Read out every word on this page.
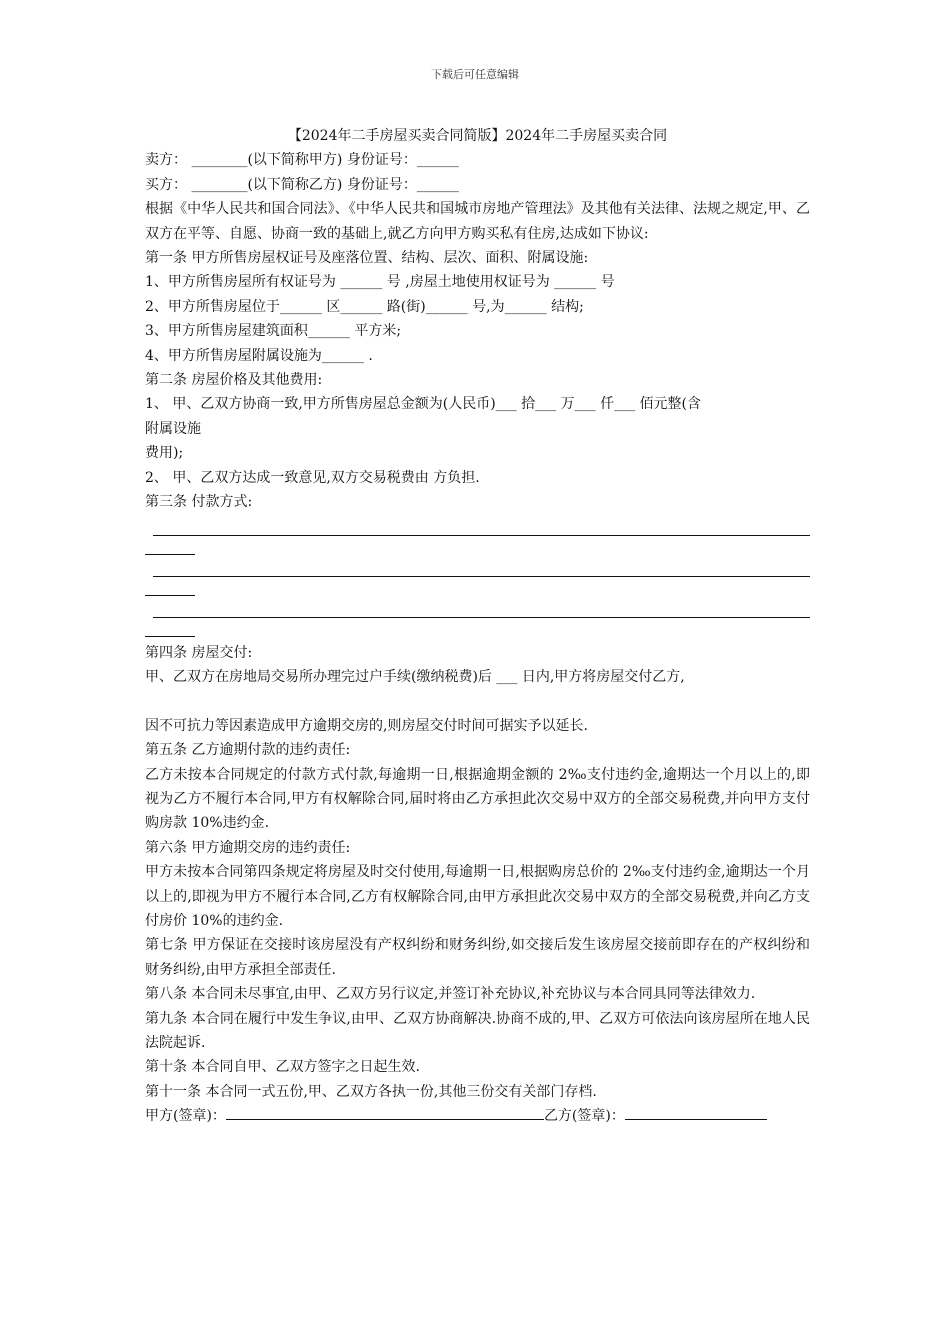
下载后可任意编辑

【2024年二手房屋买卖合同简版】2024年二手房屋买卖合同

卖方： ________(以下简称甲方) 身份证号：______

买方： ________(以下简称乙方) 身份证号：______

根据《中华人民共和国合同法》、《中华人民共和国城市房地产管理法》及其他有关法律、法规之规定,甲、乙双方在平等、自愿、协商一致的基础上,就乙方向甲方购买私有住房,达成如下协议:

第一条 甲方所售房屋权证号及座落位置、结构、层次、面积、附属设施:

1、甲方所售房屋所有权证号为 ______ 号 ,房屋土地使用权证号为 ______ 号

2、甲方所售房屋位于______ 区______ 路(街)______ 号,为______ 结构;

3、甲方所售房屋建筑面积______ 平方米;

4、甲方所售房屋附属设施为______ .

第二条 房屋价格及其他费用:

1、 甲、乙双方协商一致,甲方所售房屋总金额为(人民币)___ 拾___ 万___ 仟___ 佰元整(含

附属设施

费用);

2、 甲、乙双方达成一致意见,双方交易税费由 方负担.

第三条 付款方式:

第四条 房屋交付:

甲、乙双方在房地局交易所办理完过户手续(缴纳税费)后 ___ 日内,甲方将房屋交付乙方,

因不可抗力等因素造成甲方逾期交房的,则房屋交付时间可据实予以延长.

第五条 乙方逾期付款的违约责任:

乙方未按本合同规定的付款方式付款,每逾期一日,根据逾期金额的 2‰支付违约金,逾期达一个月以上的,即视为乙方不履行本合同,甲方有权解除合同,届时将由乙方承担此次交易中双方的全部交易税费,并向甲方支付购房款 10%违约金.

第六条 甲方逾期交房的违约责任:

甲方未按本合同第四条规定将房屋及时交付使用,每逾期一日,根据购房总价的 2‰支付违约金,逾期达一个月以上的,即视为甲方不履行本合同,乙方有权解除合同,由甲方承担此次交易中双方的全部交易税费,并向乙方支付房价 10%的违约金.

第七条 甲方保证在交接时该房屋没有产权纠纷和财务纠纷,如交接后发生该房屋交接前即存在的产权纠纷和财务纠纷,由甲方承担全部责任.

第八条 本合同未尽事宜,由甲、乙双方另行议定,并签订补充协议,补充协议与本合同具同等法律效力.

第九条 本合同在履行中发生争议,由甲、乙双方协商解决.协商不成的,甲、乙双方可依法向该房屋所在地人民法院起诉.

第十条 本合同自甲、乙双方签字之日起生效.

第十一条 本合同一式五份,甲、乙双方各执一份,其他三份交有关部门存档.

甲方(签章)：	乙方(签章)：
